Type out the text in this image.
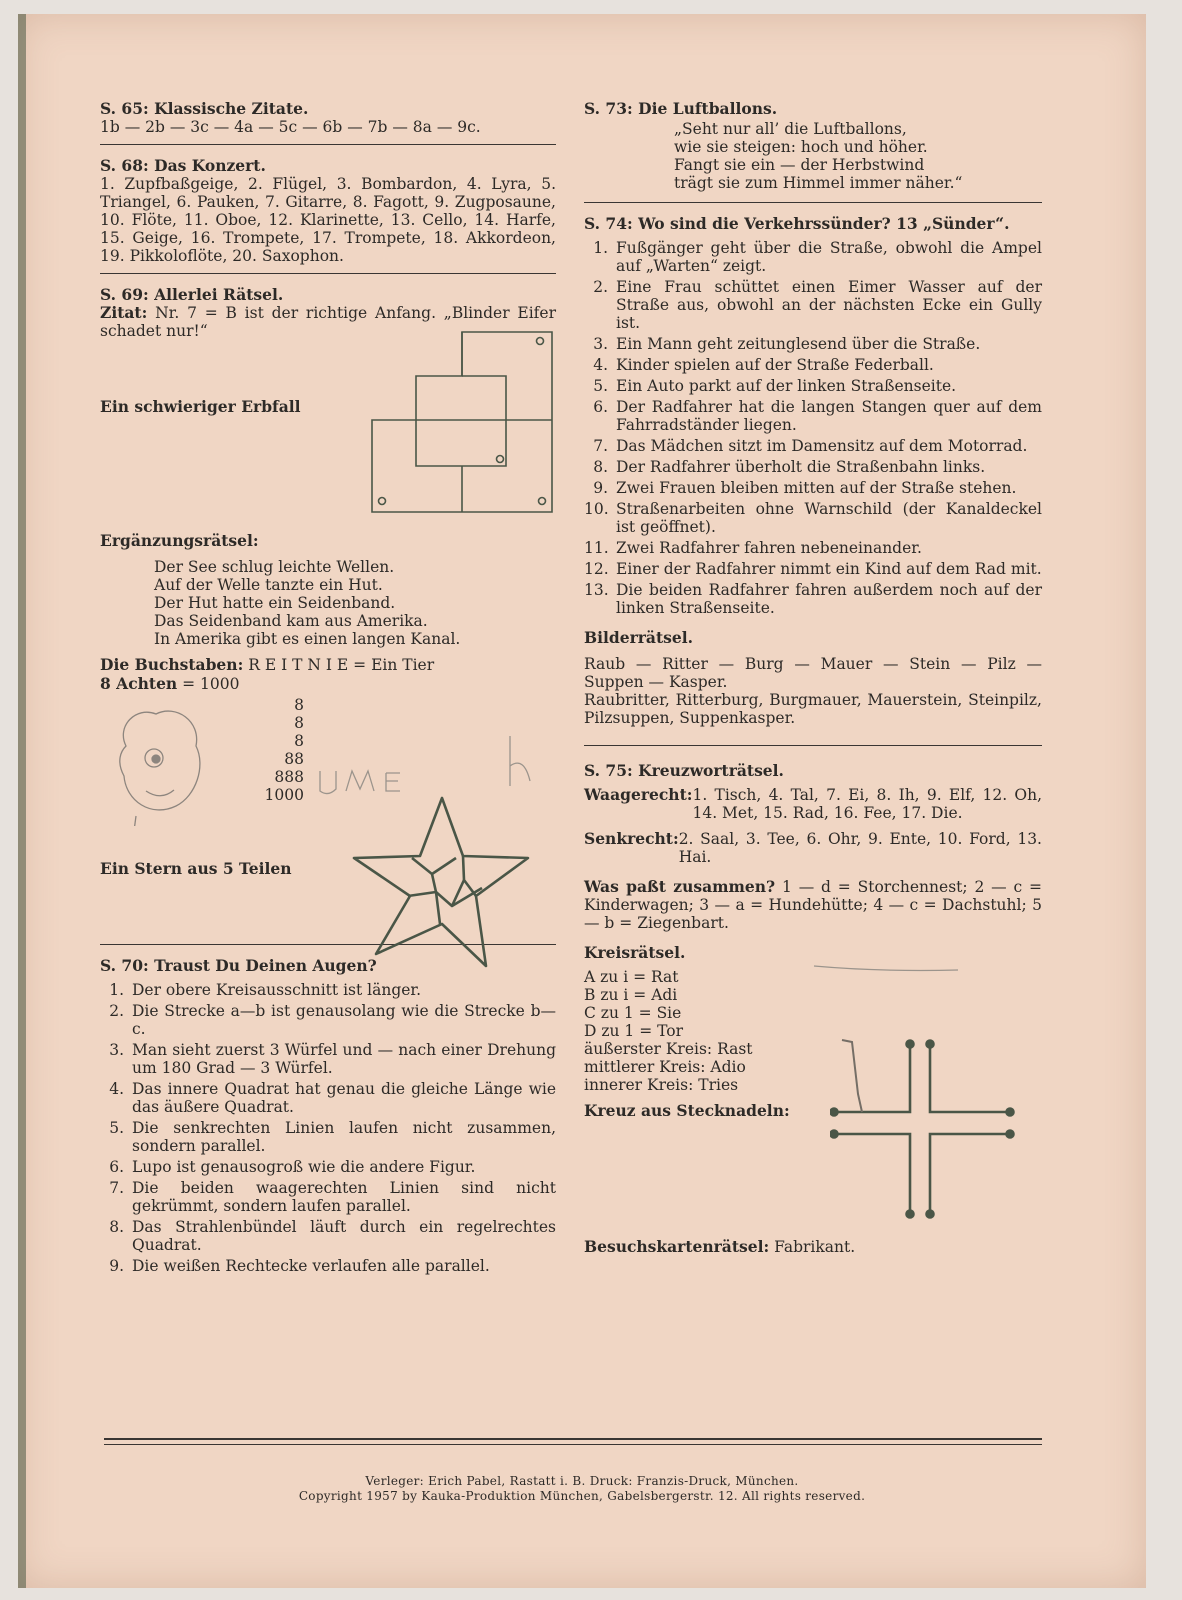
S. 65: Klassische Zitate.
1b — 2b — 3c — 4a — 5c — 6b — 7b — 8a — 9c.
S. 68: Das Konzert.
1. Zupfbaßgeige, 2. Flügel, 3. Bombardon, 4. Lyra, 5. Triangel, 6. Pauken, 7. Gitarre, 8. Fagott, 9. Zugposaune, 10. Flöte, 11. Oboe, 12. Klarinette, 13. Cello, 14. Harfe, 15. Geige, 16. Trompete, 17. Trompete, 18. Akkordeon, 19. Pikkoloflöte, 20. Saxophon.
S. 69: Allerlei Rätsel.
Zitat: Nr. 7 = B ist der richtige Anfang. „Blinder Eifer schadet nur!“
Ein schwieriger Erbfall
Ergänzungsrätsel:
Der See schlug leichte Wellen.
Auf der Welle tanzte ein Hut.
Der Hut hatte ein Seidenband.
Das Seidenband kam aus Amerika.
In Amerika gibt es einen langen Kanal.
Die Buchstaben: R E I T N I E = Ein Tier
8 Achten = 1000
8
8
8
88
888
1000
Ein Stern aus 5 Teilen
S. 70: Traust Du Deinen Augen?
1. Der obere Kreisausschnitt ist länger.
2. Die Strecke a—b ist genausolang wie die Strecke b—c.
3. Man sieht zuerst 3 Würfel und — nach einer Drehung um 180 Grad — 3 Würfel.
4. Das innere Quadrat hat genau die gleiche Länge wie das äußere Quadrat.
5. Die senkrechten Linien laufen nicht zusammen, sondern parallel.
6. Lupo ist genausogroß wie die andere Figur.
7. Die beiden waagerechten Linien sind nicht gekrümmt, sondern laufen parallel.
8. Das Strahlenbündel läuft durch ein regelrechtes Quadrat.
9. Die weißen Rechtecke verlaufen alle parallel.
S. 73: Die Luftballons.
„Seht nur all’ die Luftballons,
wie sie steigen: hoch und höher.
Fangt sie ein — der Herbstwind
trägt sie zum Himmel immer näher.“
S. 74: Wo sind die Verkehrssünder? 13 „Sünder“.
1. Fußgänger geht über die Straße, obwohl die Ampel auf „Warten“ zeigt.
2. Eine Frau schüttet einen Eimer Wasser auf der Straße aus, obwohl an der nächsten Ecke ein Gully ist.
3. Ein Mann geht zeitunglesend über die Straße.
4. Kinder spielen auf der Straße Federball.
5. Ein Auto parkt auf der linken Straßenseite.
6. Der Radfahrer hat die langen Stangen quer auf dem Fahrradständer liegen.
7. Das Mädchen sitzt im Damensitz auf dem Motorrad.
8. Der Radfahrer überholt die Straßenbahn links.
9. Zwei Frauen bleiben mitten auf der Straße stehen.
10. Straßenarbeiten ohne Warnschild (der Kanaldeckel ist geöffnet).
11. Zwei Radfahrer fahren nebeneinander.
12. Einer der Radfahrer nimmt ein Kind auf dem Rad mit.
13. Die beiden Radfahrer fahren außerdem noch auf der linken Straßenseite.
Bilderrätsel.
Raub — Ritter — Burg — Mauer — Stein — Pilz — Suppen — Kasper.
Raubritter, Ritterburg, Burgmauer, Mauerstein, Steinpilz, Pilzsuppen, Suppenkasper.
S. 75: Kreuzworträtsel.
Waagerecht: 1. Tisch, 4. Tal, 7. Ei, 8. Ih, 9. Elf, 12. Oh, 14. Met, 15. Rad, 16. Fee, 17. Die.
Senkrecht: 2. Saal, 3. Tee, 6. Ohr, 9. Ente, 10. Ford, 13. Hai.
Was paßt zusammen? 1 — d = Storchennest; 2 — c = Kinderwagen; 3 — a = Hundehütte; 4 — c = Dachstuhl; 5 — b = Ziegenbart.
Kreisrätsel.
A zu i = Rat
B zu i = Adi
C zu 1 = Sie
D zu 1 = Tor
äußerster Kreis: Rast
mittlerer Kreis: Adio
innerer Kreis: Tries
Kreuz aus Stecknadeln:
Besuchskartenrätsel: Fabrikant.
Verleger: Erich Pabel, Rastatt i. B. Druck: Franzis-Druck, München.
Copyright 1957 by Kauka-Produktion München, Gabelsbergerstr. 12. All rights reserved.
